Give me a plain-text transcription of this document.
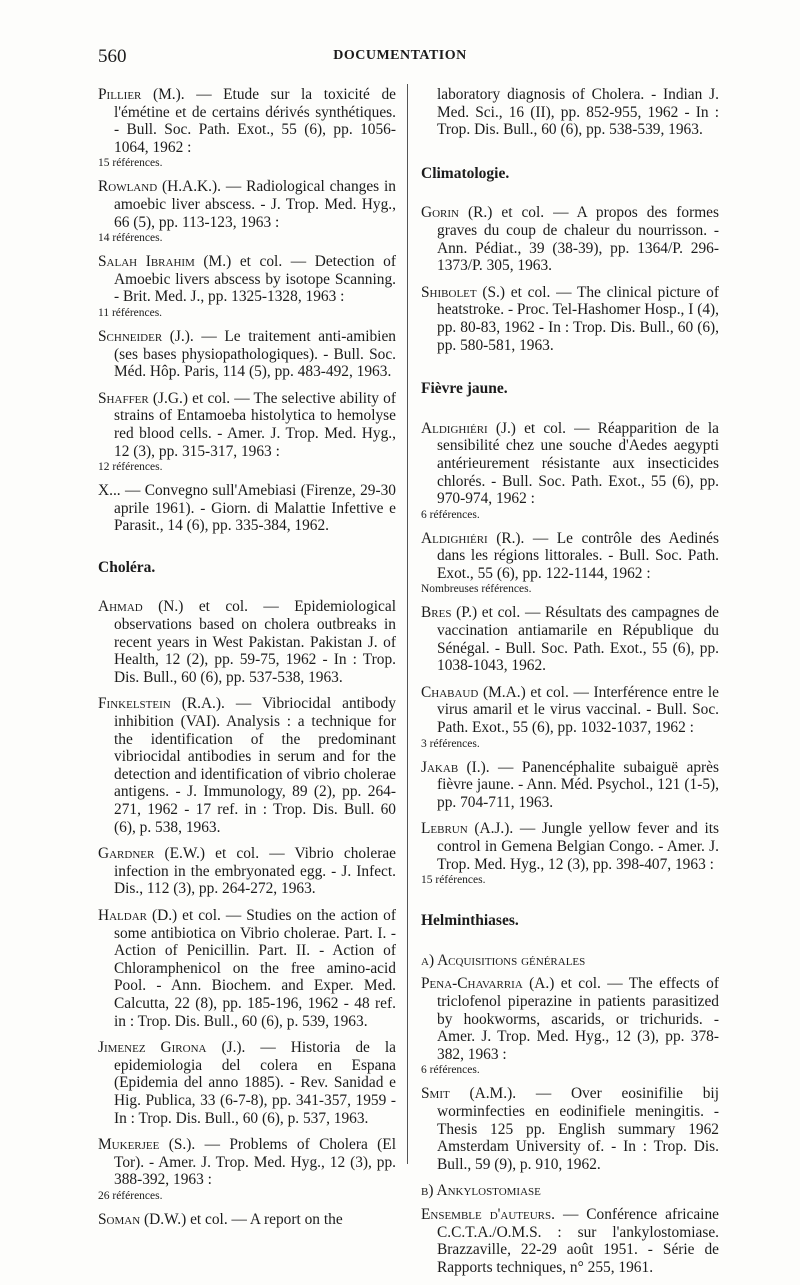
560	DOCUMENTATION

Pillier (M.). — Etude sur la toxicité de l'émétine et de certains dérivés synthétiques. - Bull. Soc. Path. Exot., 55 (6), pp. 1056-1064, 1962 :
15 références.

Rowland (H.A.K.). — Radiological changes in amoebic liver abscess. - J. Trop. Med. Hyg., 66 (5), pp. 113-123, 1963 :
14 références.

Salah Ibrahim (M.) et col. — Detection of Amoebic livers abscess by isotope Scanning. - Brit. Med. J., pp. 1325-1328, 1963 :
11 références.

Schneider (J.). — Le traitement anti-amibien (ses bases physiopathologiques). - Bull. Soc. Méd. Hôp. Paris, 114 (5), pp. 483-492, 1963.

Shaffer (J.G.) et col. — The selective ability of strains of Entamoeba histolytica to hemolyse red blood cells. - Amer. J. Trop. Med. Hyg., 12 (3), pp. 315-317, 1963 :
12 références.

X... — Convegno sull'Amebiasi (Firenze, 29-30 aprile 1961). - Giorn. di Malattie Infettive e Parasit., 14 (6), pp. 335-384, 1962.

Choléra.

Ahmad (N.) et col. — Epidemiological observations based on cholera outbreaks in recent years in West Pakistan. Pakistan J. of Health, 12 (2), pp. 59-75, 1962 - In : Trop. Dis. Bull., 60 (6), pp. 537-538, 1963.

Finkelstein (R.A.). — Vibriocidal antibody inhibition (VAI). Analysis : a technique for the identification of the predominant vibriocidal antibodies in serum and for the detection and identification of vibrio cholerae antigens. - J. Immunology, 89 (2), pp. 264-271, 1962 - 17 ref. in : Trop. Dis. Bull. 60 (6), p. 538, 1963.

Gardner (E.W.) et col. — Vibrio cholerae infection in the embryonated egg. - J. Infect. Dis., 112 (3), pp. 264-272, 1963.

Haldar (D.) et col. — Studies on the action of some antibiotica on Vibrio cholerae. Part. I. - Action of Penicillin. Part. II. - Action of Chloramphenicol on the free amino-acid Pool. - Ann. Biochem. and Exper. Med. Calcutta, 22 (8), pp. 185-196, 1962 - 48 ref. in : Trop. Dis. Bull., 60 (6), p. 539, 1963.

Jimenez Girona (J.). — Historia de la epidemiologia del colera en Espana (Epidemia del anno 1885). - Rev. Sanidad e Hig. Publica, 33 (6-7-8), pp. 341-357, 1959 - In : Trop. Dis. Bull., 60 (6), p. 537, 1963.

Mukerjee (S.). — Problems of Cholera (El Tor). - Amer. J. Trop. Med. Hyg., 12 (3), pp. 388-392, 1963 :
26 références.

Soman (D.W.) et col. — A report on the

laboratory diagnosis of Cholera. - Indian J. Med. Sci., 16 (II), pp. 852-955, 1962 - In : Trop. Dis. Bull., 60 (6), pp. 538-539, 1963.

Climatologie.

Gorin (R.) et col. — A propos des formes graves du coup de chaleur du nourrisson. - Ann. Pédiat., 39 (38-39), pp. 1364/P. 296-1373/P. 305, 1963.

Shibolet (S.) et col. — The clinical picture of heatstroke. - Proc. Tel-Hashomer Hosp., I (4), pp. 80-83, 1962 - In : Trop. Dis. Bull., 60 (6), pp. 580-581, 1963.

Fièvre jaune.

Aldighiéri (J.) et col. — Réapparition de la sensibilité chez une souche d'Aedes aegypti antérieurement résistante aux insecticides chlorés. - Bull. Soc. Path. Exot., 55 (6), pp. 970-974, 1962 :
6 références.

Aldighiéri (R.). — Le contrôle des Aedinés dans les régions littorales. - Bull. Soc. Path. Exot., 55 (6), pp. 122-1144, 1962 :
Nombreuses références.

Bres (P.) et col. — Résultats des campagnes de vaccination antiamarile en République du Sénégal. - Bull. Soc. Path. Exot., 55 (6), pp. 1038-1043, 1962.

Chabaud (M.A.) et col. — Interférence entre le virus amaril et le virus vaccinal. - Bull. Soc. Path. Exot., 55 (6), pp. 1032-1037, 1962 :
3 références.

Jakab (I.). — Panencéphalite subaiguë après fièvre jaune. - Ann. Méd. Psychol., 121 (1-5), pp. 704-711, 1963.

Lebrun (A.J.). — Jungle yellow fever and its control in Gemena Belgian Congo. - Amer. J. Trop. Med. Hyg., 12 (3), pp. 398-407, 1963 :
15 références.

Helminthiases.
a) Acquisitions générales

Pena-Chavarria (A.) et col. — The effects of triclofenol piperazine in patients parasitized by hookworms, ascarids, or trichurids. - Amer. J. Trop. Med. Hyg., 12 (3), pp. 378-382, 1963 :
6 références.

Smit (A.M.). — Over eosinifilie bij worminfecties en eodinifiele meningitis. - Thesis 125 pp. English summary 1962 Amsterdam University of. - In : Trop. Dis. Bull., 59 (9), p. 910, 1962.

b) Ankylostomiase

Ensemble d'auteurs. — Conférence africaine C.C.T.A./O.M.S. : sur l'ankylostomiase. Brazzaville, 22-29 août 1951. - Série de Rapports techniques, n° 255, 1961.
